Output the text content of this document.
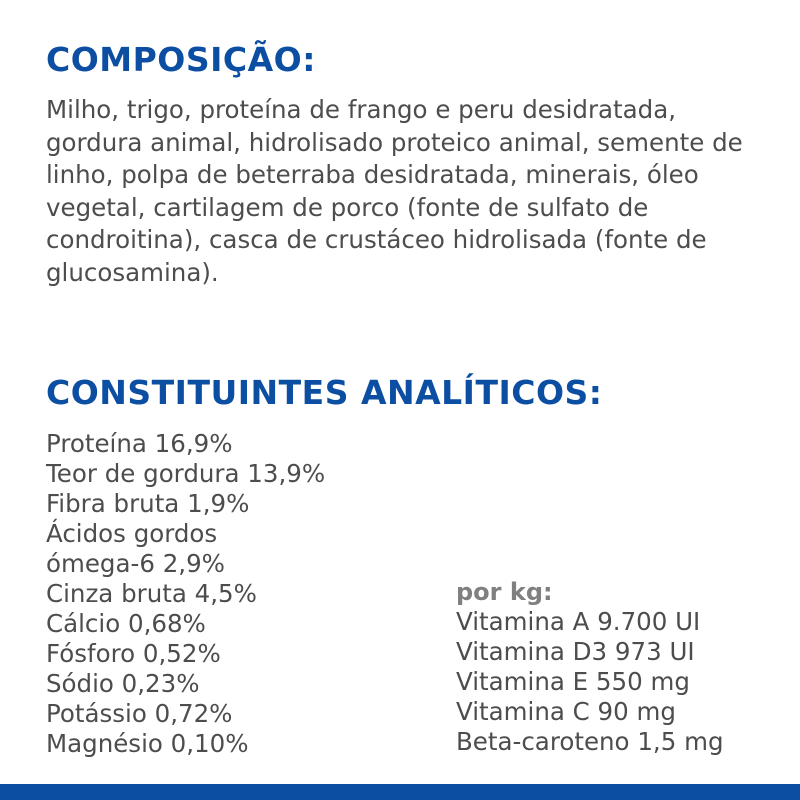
COMPOSIÇÃO:

Milho, trigo, proteína de frango e peru desidratada, gordura animal, hidrolisado proteico animal, semente de linho, polpa de beterraba desidratada, minerais, óleo vegetal, cartilagem de porco (fonte de sulfato de condroitina), casca de crustáceo hidrolisada (fonte de glucosamina).

CONSTITUINTES ANALÍTICOS:
Proteína 16,9%
Teor de gordura 13,9%
Fibra bruta 1,9%
Ácidos gordos
ómega-6 2,9%
Cinza bruta 4,5%
Cálcio 0,68%
Fósforo 0,52%
Sódio 0,23%
Potássio 0,72%
Magnésio 0,10%

por kg:

Vitamina A 9.700 UI
Vitamina D3 973 UI
Vitamina E 550 mg
Vitamina C 90 mg
Beta-caroteno 1,5 mg
